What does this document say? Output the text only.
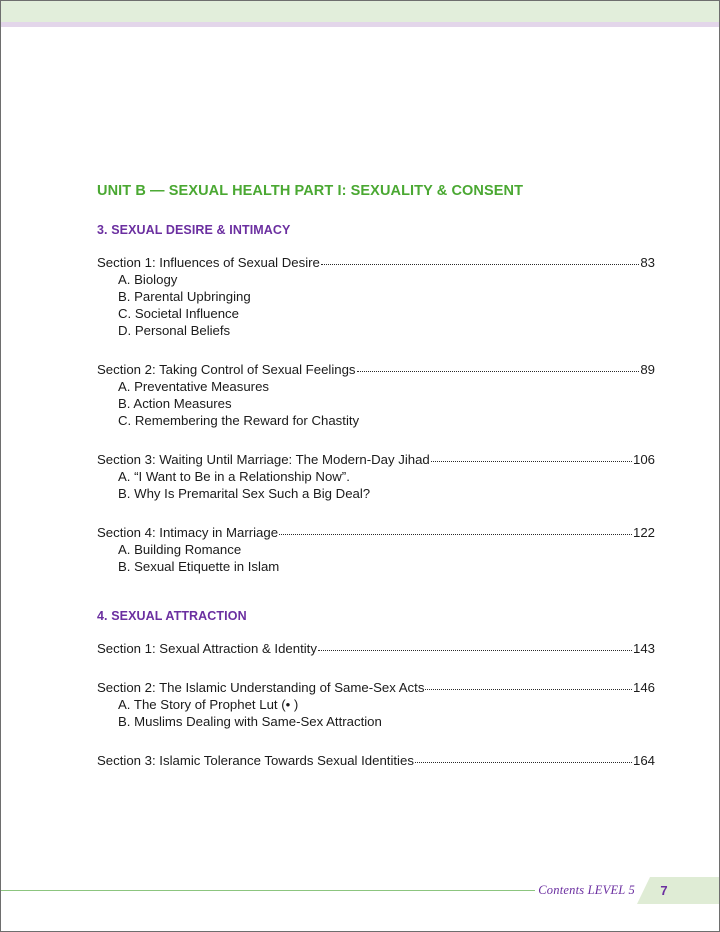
UNIT B — SEXUAL HEALTH PART I: SEXUALITY & CONSENT
3. SEXUAL DESIRE & INTIMACY
Section 1: Influences of Sexual Desire	83
A. Biology
B. Parental Upbringing
C. Societal Influence
D. Personal Beliefs
Section 2: Taking Control of Sexual Feelings	89
A. Preventative Measures
B. Action Measures
C. Remembering the Reward for Chastity
Section 3: Waiting Until Marriage: The Modern-Day Jihad	106
A. “I Want to Be in a Relationship Now”.
B. Why Is Premarital Sex Such a Big Deal?
Section 4: Intimacy in Marriage	122
A. Building Romance
B. Sexual Etiquette in Islam
4. SEXUAL ATTRACTION
Section 1: Sexual Attraction & Identity	143
Section 2: The Islamic Understanding of Same-Sex Acts	146
A. The Story of Prophet Lut (• )
B. Muslims Dealing with Same-Sex Attraction
Section 3: Islamic Tolerance Towards Sexual Identities	164
Contents LEVEL 5	7
